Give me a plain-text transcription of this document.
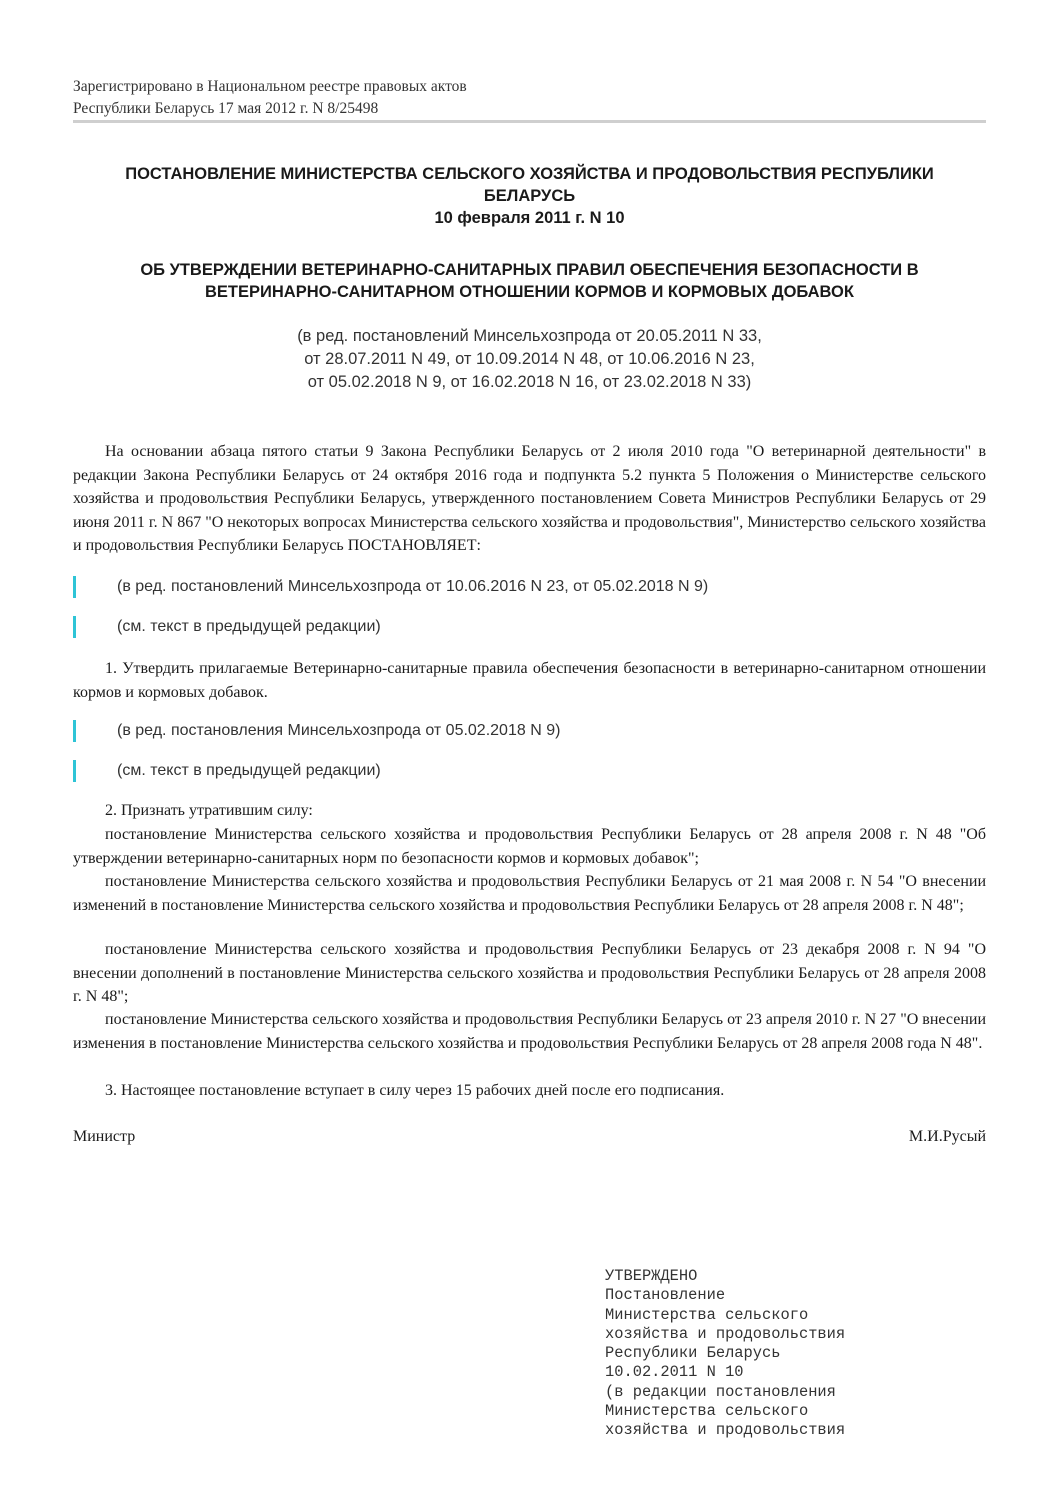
Зарегистрировано в Национальном реестре правовых актов
Республики Беларусь 17 мая 2012 г. N 8/25498
ПОСТАНОВЛЕНИЕ МИНИСТЕРСТВА СЕЛЬСКОГО ХОЗЯЙСТВА И ПРОДОВОЛЬСТВИЯ РЕСПУБЛИКИ
БЕЛАРУСЬ
10 февраля 2011 г. N 10
ОБ УТВЕРЖДЕНИИ ВЕТЕРИНАРНО-САНИТАРНЫХ ПРАВИЛ ОБЕСПЕЧЕНИЯ БЕЗОПАСНОСТИ В
ВЕТЕРИНАРНО-САНИТАРНОМ ОТНОШЕНИИ КОРМОВ И КОРМОВЫХ ДОБАВОК
(в ред. постановлений Минсельхозпрода от 20.05.2011 N 33,
от 28.07.2011 N 49, от 10.09.2014 N 48, от 10.06.2016 N 23,
от 05.02.2018 N 9, от 16.02.2018 N 16, от 23.02.2018 N 33)
На основании абзаца пятого статьи 9 Закона Республики Беларусь от 2 июля 2010 года "О ветеринарной деятельности" в редакции Закона Республики Беларусь от 24 октября 2016 года и подпункта 5.2 пункта 5 Положения о Министерстве сельского хозяйства и продовольствия Республики Беларусь, утвержденного постановлением Совета Министров Республики Беларусь от 29 июня 2011 г. N 867 "О некоторых вопросах Министерства сельского хозяйства и продовольствия", Министерство сельского хозяйства и продовольствия Республики Беларусь ПОСТАНОВЛЯЕТ:
(в ред. постановлений Минсельхозпрода от 10.06.2016 N 23, от 05.02.2018 N 9)
(см. текст в предыдущей редакции)
1. Утвердить прилагаемые Ветеринарно-санитарные правила обеспечения безопасности в ветеринарно-санитарном отношении кормов и кормовых добавок.
(в ред. постановления Минсельхозпрода от 05.02.2018 N 9)
(см. текст в предыдущей редакции)
2. Признать утратившим силу:
постановление Министерства сельского хозяйства и продовольствия Республики Беларусь от 28 апреля 2008 г. N 48 "Об утверждении ветеринарно-санитарных норм по безопасности кормов и кормовых добавок";
постановление Министерства сельского хозяйства и продовольствия Республики Беларусь от 21 мая 2008 г. N 54 "О внесении изменений в постановление Министерства сельского хозяйства и продовольствия Республики Беларусь от 28 апреля 2008 г. N 48";
постановление Министерства сельского хозяйства и продовольствия Республики Беларусь от 23 декабря 2008 г. N 94 "О внесении дополнений в постановление Министерства сельского хозяйства и продовольствия Республики Беларусь от 28 апреля 2008 г. N 48";
постановление Министерства сельского хозяйства и продовольствия Республики Беларусь от 23 апреля 2010 г. N 27 "О внесении изменения в постановление Министерства сельского хозяйства и продовольствия Республики Беларусь от 28 апреля 2008 года N 48".
3. Настоящее постановление вступает в силу через 15 рабочих дней после его подписания.
Министр	М.И.Русый
УТВЕРЖДЕНО
Постановление
Министерства сельского
хозяйства и продовольствия
Республики Беларусь
10.02.2011 N 10
(в редакции постановления
Министерства сельского
хозяйства и продовольствия
